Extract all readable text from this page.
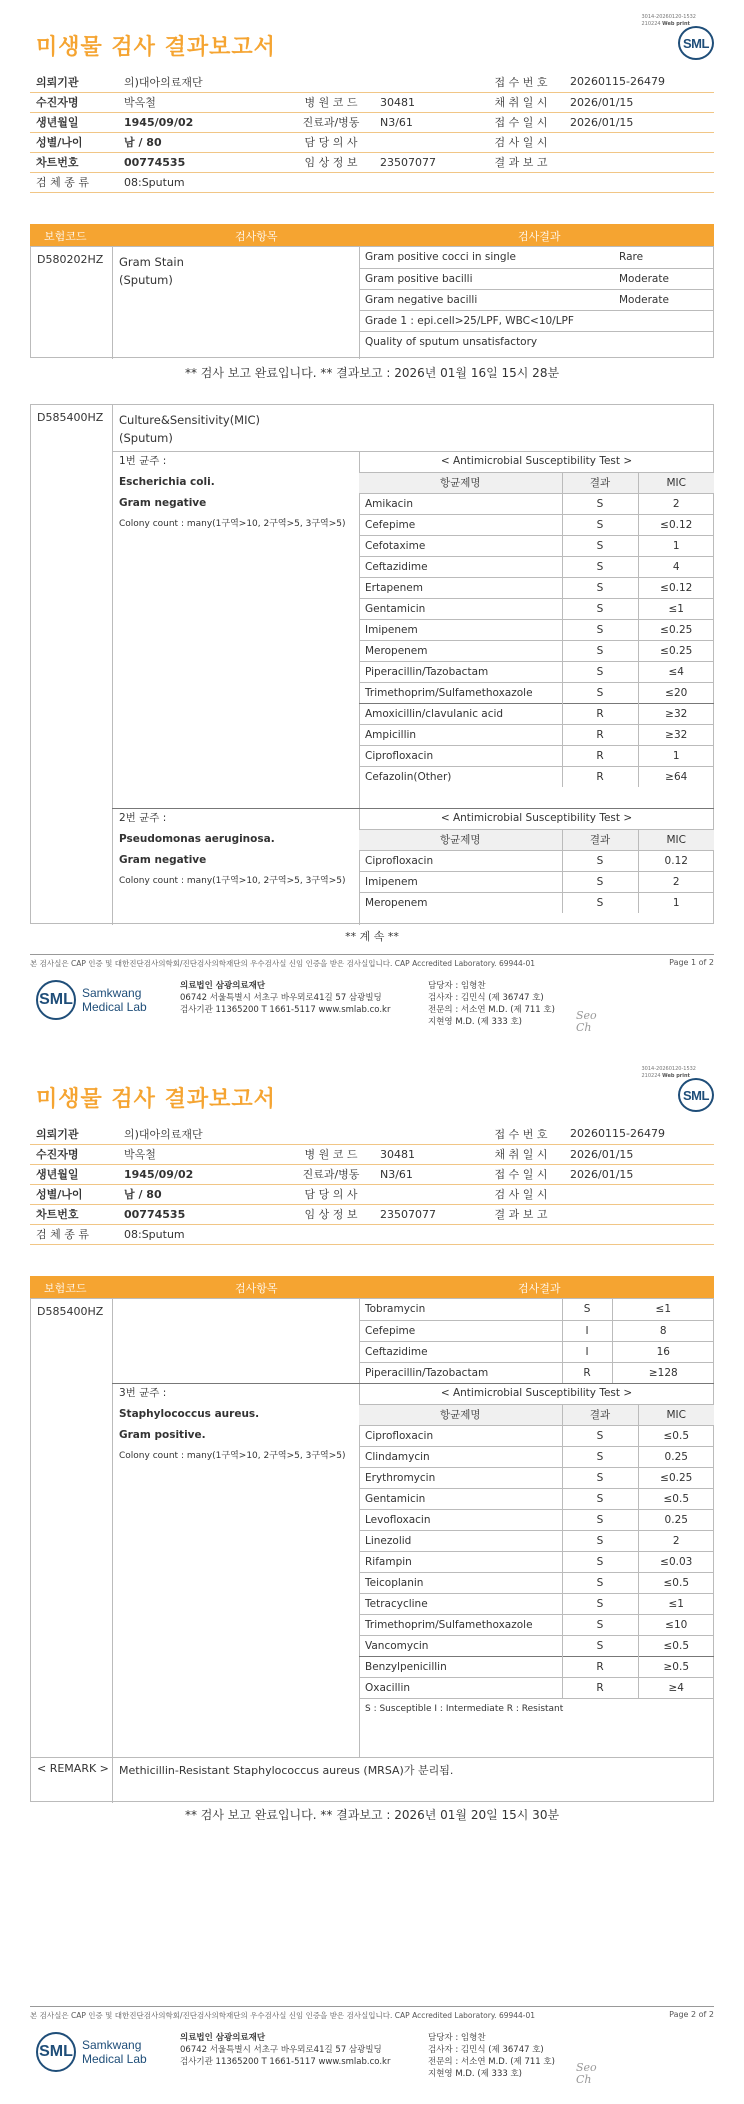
3014-20260120-1532
210224 Web print
SML
미생물 검사 결과보고서
의뢰기관	의)대아의료재단			접 수 번 호	20260115-26479
수진자명	박옥철	병 원 코 드	30481	채 취 일 시	2026/01/15
생년월일	1945/09/02	진료과/병동	N3/61	접 수 일 시	2026/01/15
성별/나이	남 / 80	담 당 의 사		검 사 일 시	
차트번호	00774535	임 상 정 보	23507077	결 과 보 고	
검 체 종 류	08:Sputum				
보험코드	검사항목	검사결과
D580202HZ Gram Stain
(Sputum)
Gram positive cocci in single	Rare
Gram positive bacilli	Moderate
Gram negative bacilli	Moderate
Grade 1 : epi.cell>25/LPF, WBC<10/LPF	
Quality of sputum unsatisfactory	
** 검사 보고 완료입니다. ** 결과보고 : 2026년 01월 16일 15시 28분
D585400HZ Culture&Sensitivity(MIC)
(Sputum)
1번 균주 :
Escherichia coli.
Gram negative
Colony count : many(1구역>10, 2구역>5, 3구역>5)
< Antimicrobial Susceptibility Test >		
항균제명	결과	MIC
Amikacin	S	2
Cefepime	S	≤0.12
Cefotaxime	S	1
Ceftazidime	S	4
Ertapenem	S	≤0.12
Gentamicin	S	≤1
Imipenem	S	≤0.25
Meropenem	S	≤0.25
Piperacillin/Tazobactam	S	≤4
Trimethoprim/Sulfamethoxazole	S	≤20
Amoxicillin/clavulanic acid	R	≥32
Ampicillin	R	≥32
Ciprofloxacin	R	1
Cefazolin(Other)	R	≥64
2번 균주 :
Pseudomonas aeruginosa.
Gram negative
Colony count : many(1구역>10, 2구역>5, 3구역>5)
< Antimicrobial Susceptibility Test >		
항균제명	결과	MIC
Ciprofloxacin	S	0.12
Imipenem	S	2
Meropenem	S	1
** 계 속 **
본 검사실은 CAP 인증 및 대한진단검사의학회/진단검사의학재단의 우수검사실 신임 인증을 받은 검사실입니다. CAP Accredited Laboratory. 69944-01	Page 1 of 2
SML Samkwang
Medical Lab
의료법인 삼광의료재단
06742 서울특별시 서초구 바우뫼로41길 57 삼광빌딩
검사기관 11365200 T 1661-5117 www.smlab.co.kr
담당자 : 임형찬
검사자 : 김민식 (제 36747 호)
전문의 : 서소연 M.D. (제 711 호)
지현영 M.D. (제 333 호)	Seo
Ch
3014-20260120-1532
210224 Web print
SML
미생물 검사 결과보고서
의뢰기관	의)대아의료재단			접 수 번 호	20260115-26479
수진자명	박옥철	병 원 코 드	30481	채 취 일 시	2026/01/15
생년월일	1945/09/02	진료과/병동	N3/61	접 수 일 시	2026/01/15
성별/나이	남 / 80	담 당 의 사		검 사 일 시	
차트번호	00774535	임 상 정 보	23507077	결 과 보 고	
검 체 종 류	08:Sputum				
보험코드	검사항목	검사결과
D585400HZ	Tobramycin	S	≤1
Cefepime	I	8
Ceftazidime	I	16
Piperacillin/Tazobactam	R	≥128
3번 균주 :
Staphylococcus aureus.
Gram positive.
Colony count : many(1구역>10, 2구역>5, 3구역>5)
< Antimicrobial Susceptibility Test >		
항균제명	결과	MIC
Ciprofloxacin	S	≤0.5
Clindamycin	S	0.25
Erythromycin	S	≤0.25
Gentamicin	S	≤0.5
Levofloxacin	S	0.25
Linezolid	S	2
Rifampin	S	≤0.03
Teicoplanin	S	≤0.5
Tetracycline	S	≤1
Trimethoprim/Sulfamethoxazole	S	≤10
Vancomycin	S	≤0.5
Benzylpenicillin	R	≥0.5
Oxacillin	R	≥4
S : Susceptible I : Intermediate R : Resistant		
< REMARK > Methicillin-Resistant Staphylococcus aureus (MRSA)가 분리됨.
** 검사 보고 완료입니다. ** 결과보고 : 2026년 01월 20일 15시 30분
본 검사실은 CAP 인증 및 대한진단검사의학회/진단검사의학재단의 우수검사실 신임 인증을 받은 검사실입니다. CAP Accredited Laboratory. 69944-01	Page 2 of 2
SML Samkwang
Medical Lab
의료법인 삼광의료재단
06742 서울특별시 서초구 바우뫼로41길 57 삼광빌딩
검사기관 11365200 T 1661-5117 www.smlab.co.kr
담당자 : 임형찬
검사자 : 김민식 (제 36747 호)
전문의 : 서소연 M.D. (제 711 호)
지현영 M.D. (제 333 호)	Seo
Ch
